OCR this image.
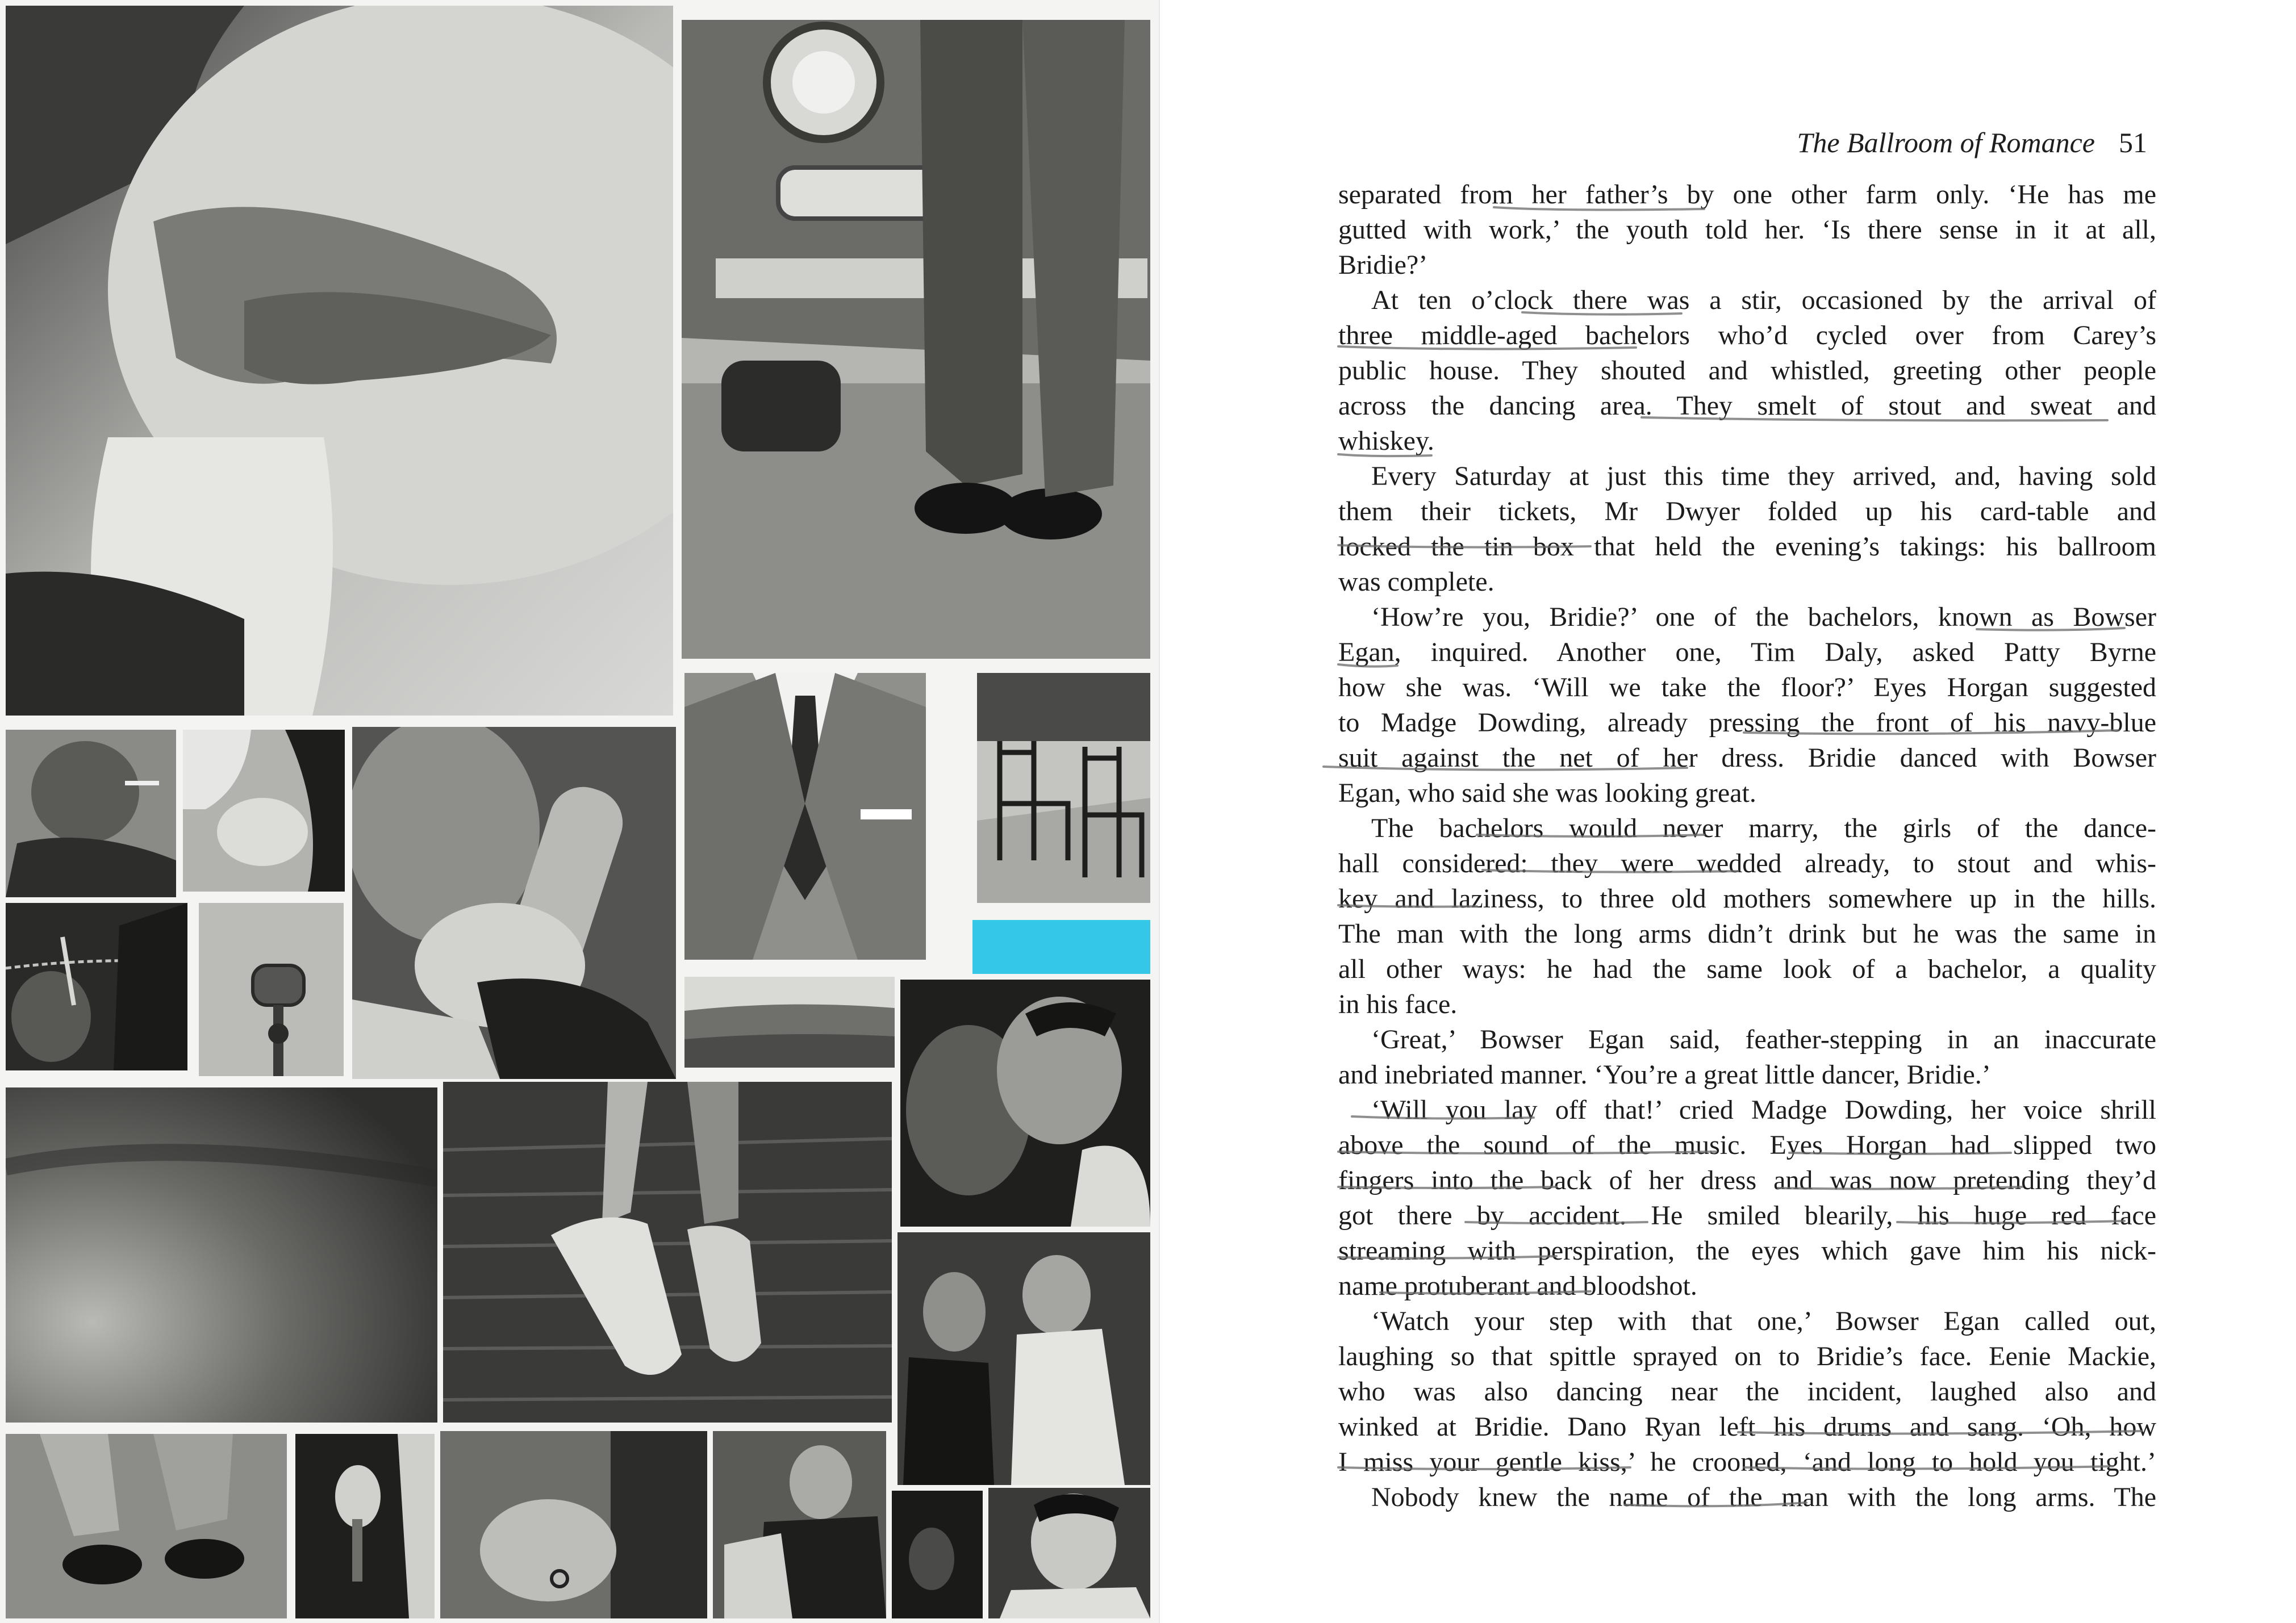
The Ballroom of Romance 51
separated from her father’s by one other farm only. ‘He has me
gutted with work,’ the youth told her. ‘Is there sense in it at all,
Bridie?’
At ten o’clock there was a stir, occasioned by the arrival of
three middle-aged bachelors who’d cycled over from Carey’s
public house. They shouted and whistled, greeting other people
across the dancing area. They smelt of stout and sweat and
whiskey.
Every Saturday at just this time they arrived, and, having sold
them their tickets, Mr Dwyer folded up his card-table and
locked the tin box that held the evening’s takings: his ballroom
was complete.
‘How’re you, Bridie?’ one of the bachelors, known as Bowser
Egan, inquired. Another one, Tim Daly, asked Patty Byrne
how she was. ‘Will we take the floor?’ Eyes Horgan suggested
to Madge Dowding, already pressing the front of his navy-blue
suit against the net of her dress. Bridie danced with Bowser
Egan, who said she was looking great.
The bachelors would never marry, the girls of the dance-
hall considered: they were wedded already, to stout and whis-
key and laziness, to three old mothers somewhere up in the hills.
The man with the long arms didn’t drink but he was the same in
all other ways: he had the same look of a bachelor, a quality
in his face.
‘Great,’ Bowser Egan said, feather-stepping in an inaccurate
and inebriated manner. ‘You’re a great little dancer, Bridie.’
‘Will you lay off that!’ cried Madge Dowding, her voice shrill
above the sound of the music. Eyes Horgan had slipped two
fingers into the back of her dress and was now pretending they’d
got there by accident. He smiled blearily, his huge red face
streaming with perspiration, the eyes which gave him his nick-
name protuberant and bloodshot.
‘Watch your step with that one,’ Bowser Egan called out,
laughing so that spittle sprayed on to Bridie’s face. Eenie Mackie,
who was also dancing near the incident, laughed also and
winked at Bridie. Dano Ryan left his drums and sang. ‘Oh, how
I miss your gentle kiss,’ he crooned, ‘and long to hold you tight.’
Nobody knew the name of the man with the long arms. The
